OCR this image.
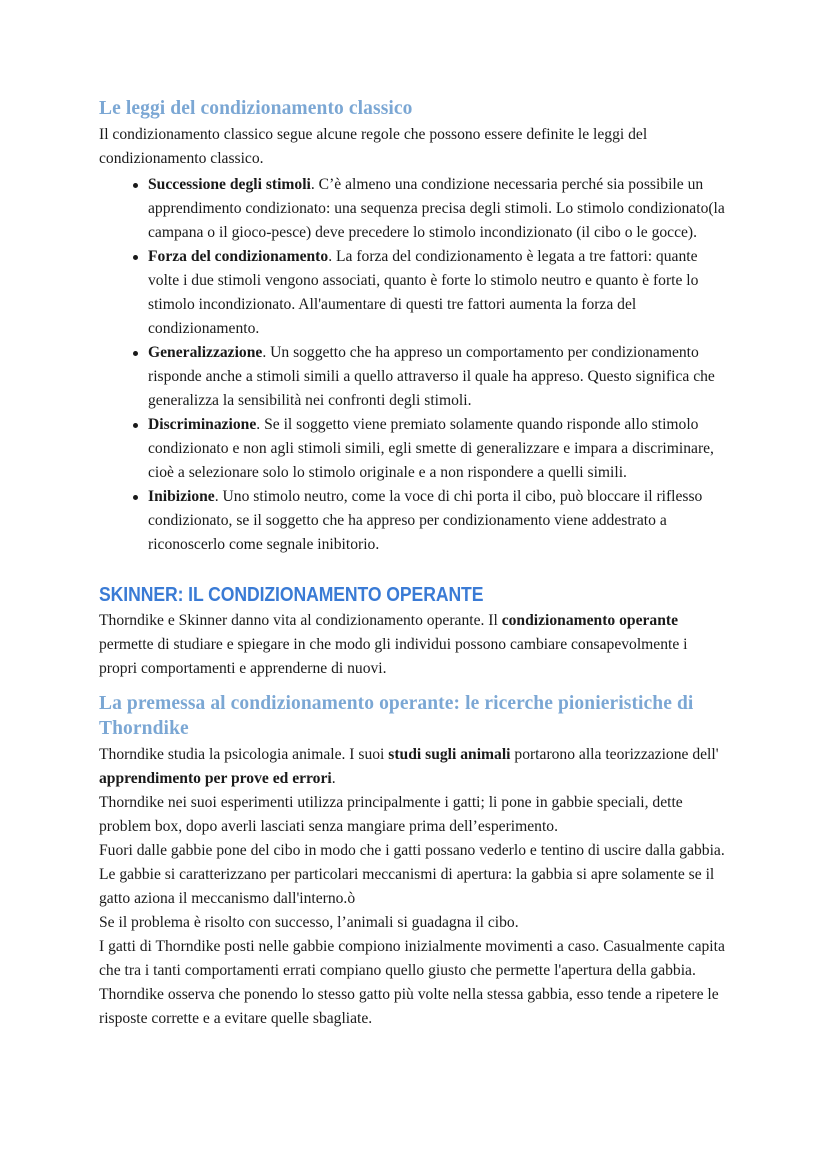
Le leggi del condizionamento classico

Il condizionamento classico segue alcune regole che possono essere definite le leggi del condizionamento classico.

Successione degli stimoli. C’è almeno una condizione necessaria perché sia possibile un apprendimento condizionato: una sequenza precisa degli stimoli. Lo stimolo condizionato(la campana o il gioco-pesce) deve precedere lo stimolo incondizionato (il cibo o le gocce).
Forza del condizionamento. La forza del condizionamento è legata a tre fattori: quante volte i due stimoli vengono associati, quanto è forte lo stimolo neutro e quanto è forte lo stimolo incondizionato. All'aumentare di questi tre fattori aumenta la forza del condizionamento.
Generalizzazione. Un soggetto che ha appreso un comportamento per condizionamento risponde anche a stimoli simili a quello attraverso il quale ha appreso. Questo significa che generalizza la sensibilità nei confronti degli stimoli.
Discriminazione. Se il soggetto viene premiato solamente quando risponde allo stimolo condizionato e non agli stimoli simili, egli smette di generalizzare e impara a discriminare, cioè a selezionare solo lo stimolo originale e a non rispondere a quelli simili.
Inibizione. Uno stimolo neutro, come la voce di chi porta il cibo, può bloccare il riflesso condizionato, se il soggetto che ha appreso per condizionamento viene addestrato a riconoscerlo come segnale inibitorio.
SKINNER: IL CONDIZIONAMENTO OPERANTE

Thorndike e Skinner danno vita al condizionamento operante. Il condizionamento operante permette di studiare e spiegare in che modo gli individui possono cambiare consapevolmente i propri comportamenti e apprenderne di nuovi.

La premessa al condizionamento operante: le ricerche pionieristiche di Thorndike

Thorndike studia la psicologia animale. I suoi studi sugli animali portarono alla teorizzazione dell' apprendimento per prove ed errori.

Thorndike nei suoi esperimenti utilizza principalmente i gatti; li pone in gabbie speciali, dette problem box, dopo averli lasciati senza mangiare prima dell’esperimento.

Fuori dalle gabbie pone del cibo in modo che i gatti possano vederlo e tentino di uscire dalla gabbia. Le gabbie si caratterizzano per particolari meccanismi di apertura: la gabbia si apre solamente se il gatto aziona il meccanismo dall'interno.ò

Se il problema è risolto con successo, l’animali si guadagna il cibo.

I gatti di Thorndike posti nelle gabbie compiono inizialmente movimenti a caso. Casualmente capita che tra i tanti comportamenti errati compiano quello giusto che permette l'apertura della gabbia.

Thorndike osserva che ponendo lo stesso gatto più volte nella stessa gabbia, esso tende a ripetere le risposte corrette e a evitare quelle sbagliate.
